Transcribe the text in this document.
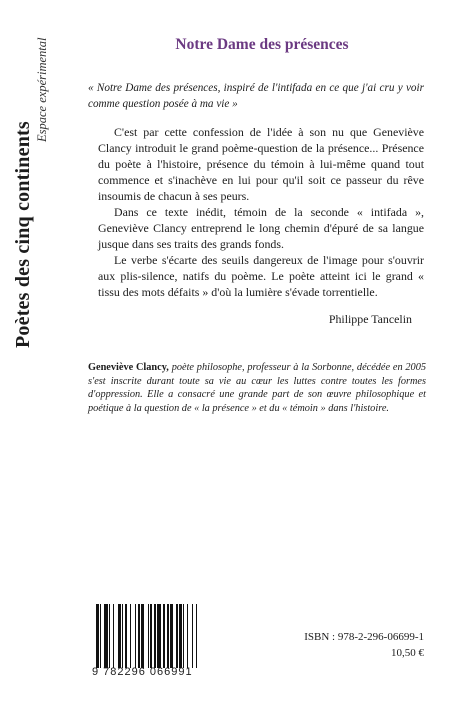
Poètes des cinq continents
Espace expérimental	Notre Dame des présences
« Notre Dame des présences, inspiré de l'intifada en ce que j'ai cru y voir comme question posée à ma vie »

C'est par cette confession de l'idée à son nu que Geneviève Clancy introduit le grand poème-question de la présence... Présence du poète à l'histoire, présence du témoin à lui-même quand tout commence et s'inachève en lui pour qu'il soit ce passeur du rêve insoumis de chacun à ses peurs.

Dans ce texte inédit, témoin de la seconde « intifada », Geneviève Clancy entreprend le long chemin d'épuré de sa langue jusque dans ses traits des grands fonds.

Le verbe s'écarte des seuils dangereux de l'image pour s'ouvrir aux plis-silence, natifs du poème. Le poète atteint ici le grand « tissu des mots défaits » d'où la lumière s'évade torrentielle.

Philippe Tancelin
Geneviève Clancy, poète philosophe, professeur à la Sorbonne, décédée en 2005 s'est inscrite durant toute sa vie au cœur les luttes contre toutes les formes d'oppression. Elle a consacré une grande part de son œuvre philosophique et poétique à la question de « la présence » et du « témoin » dans l'histoire.
9 782296 066991
ISBN : 978-2-296-06699-1
10,50 €
